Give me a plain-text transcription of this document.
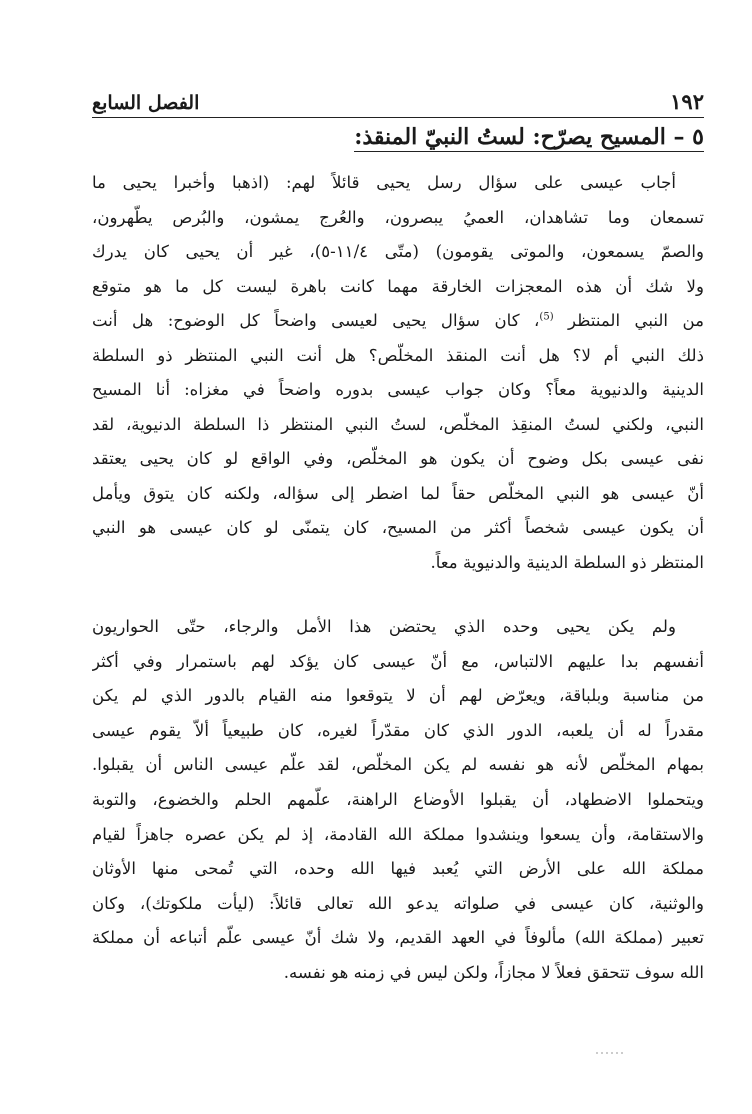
١٩٢
الفصل السابع
٥ – المسيح يصرّح: لستُ النبيّ المنقذ:
أجاب عيسى على سؤال رسل يحيى قائلاً لهم: (اذهبا وأخبرا يحيى ما
تسمعان وما تشاهدان، العميُ يبصرون، والعُرج يمشون، والبُرص يطّهرون،
والصمّ يسمعون، والموتى يقومون) (متّى ١١/٤-٥)، غير أن يحيى كان يدرك
ولا شك أن هذه المعجزات الخارقة مهما كانت باهرة ليست كل ما هو متوقع
من النبي المنتظر $^{(5)}$، كان سؤال يحيى لعيسى واضحاً كل الوضوح: هل أنت
ذلك النبي أم لا؟ هل أنت المنقذ المخلّص؟ هل أنت النبي المنتظر ذو السلطة
الدينية والدنيوية معاً؟ وكان جواب عيسى بدوره واضحاً في مغزاه: أنا المسيح
النبي، ولكني لستُ المنقِذ المخلّص، لستُ النبي المنتظر ذا السلطة الدنيوية، لقد
نفى عيسى بكل وضوح أن يكون هو المخلّص، وفي الواقع لو كان يحيى يعتقد
أنّ عيسى هو النبي المخلّص حقاً لما اضطر إلى سؤاله، ولكنه كان يتوق ويأمل
أن يكون عيسى شخصاً أكثر من المسيح، كان يتمنّى لو كان عيسى هو النبي
المنتظر ذو السلطة الدينية والدنيوية معاً.
ولم يكن يحيى وحده الذي يحتضن هذا الأمل والرجاء، حتّى الحواريون
أنفسهم بدا عليهم الالتباس، مع أنّ عيسى كان يؤكد لهم باستمرار وفي أكثر
من مناسبة وبلباقة، ويعرّض لهم أن لا يتوقعوا منه القيام بالدور الذي لم يكن
مقدراً له أن يلعبه، الدور الذي كان مقدّراً لغيره، كان طبيعياً ألاّ يقوم عيسى
بمهام المخلّص لأنه هو نفسه لم يكن المخلّص، لقد علّم عيسى الناس أن يقبلوا.
ويتحملوا الاضطهاد، أن يقبلوا الأوضاع الراهنة، علّمهم الحلم والخضوع، والتوبة
والاستقامة، وأن يسعوا وينشدوا مملكة الله القادمة، إذ لم يكن عصره جاهزاً لقيام
مملكة الله على الأرض التي يُعبد فيها الله وحده، التي تُمحى منها الأوثان
والوثنية، كان عيسى في صلواته يدعو الله تعالى قائلاً: (ليأت ملكوتك)، وكان
تعبير (مملكة الله) مألوفاً في العهد القديم، ولا شك أنّ عيسى علّم أتباعه أن مملكة
الله سوف تتحقق فعلاً لا مجازاً، ولكن ليس في زمنه هو نفسه.
